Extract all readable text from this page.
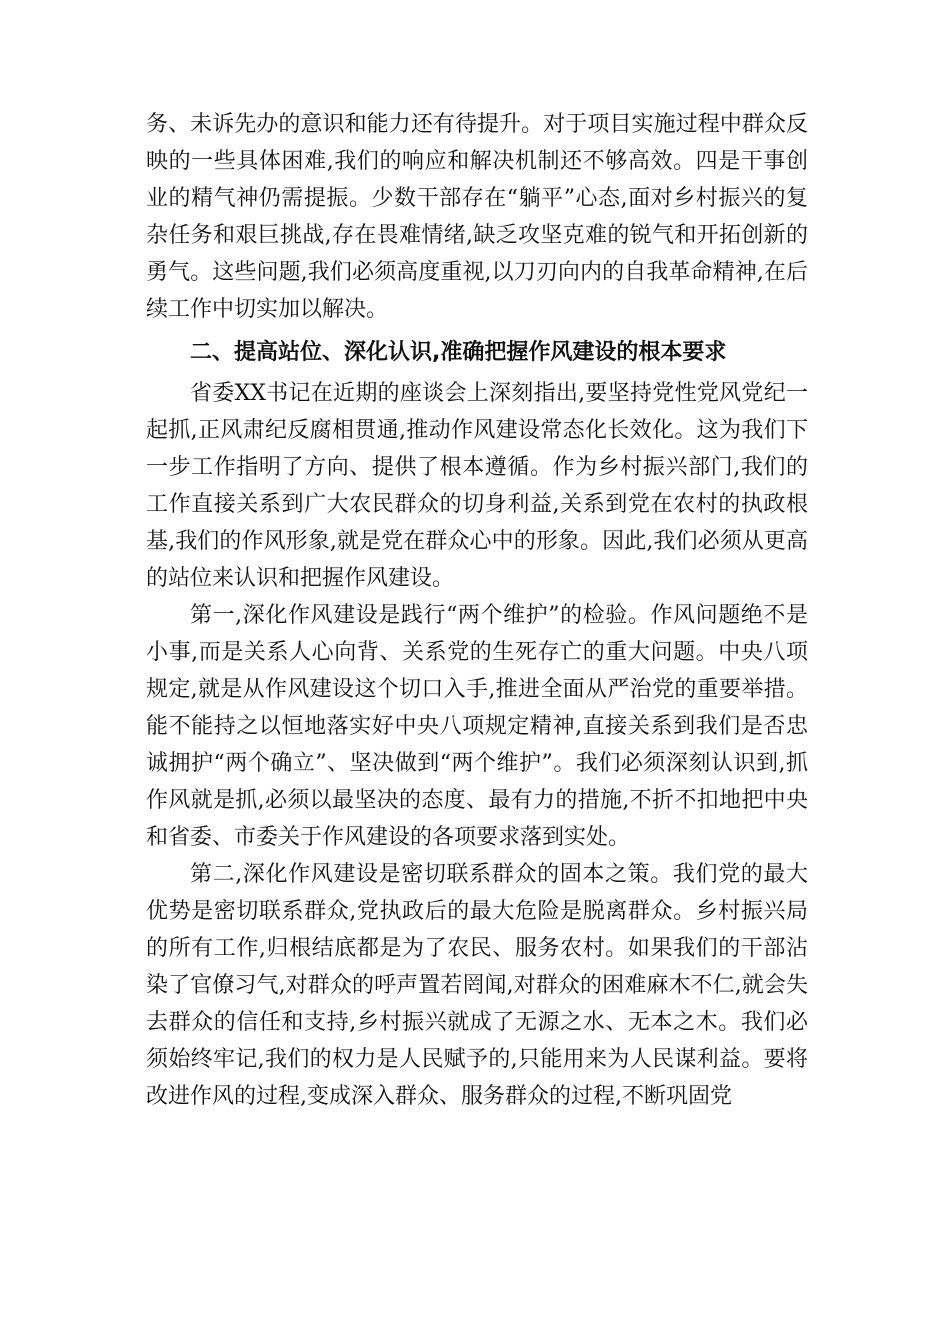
务、未诉先办的意识和能力还有待提升。对于项目实施过程中群众反映的一些具体困难,我们的响应和解决机制还不够高效。四是干事创业的精气神仍需提振。少数干部存在“躺平”心态,面对乡村振兴的复杂任务和艰巨挑战,存在畏难情绪,缺乏攻坚克难的锐气和开拓创新的勇气。这些问题,我们必须高度重视,以刀刃向内的自我革命精神,在后续工作中切实加以解决。

二、提高站位、深化认识,准确把握作风建设的根本要求

省委XX书记在近期的座谈会上深刻指出,要坚持党性党风党纪一起抓,正风肃纪反腐相贯通,推动作风建设常态化长效化。这为我们下一步工作指明了方向、提供了根本遵循。作为乡村振兴部门,我们的工作直接关系到广大农民群众的切身利益,关系到党在农村的执政根基,我们的作风形象,就是党在群众心中的形象。因此,我们必须从更高的站位来认识和把握作风建设。

第一,深化作风建设是践行“两个维护”的检验。作风问题绝不是小事,而是关系人心向背、关系党的生死存亡的重大问题。中央八项规定,就是从作风建设这个切口入手,推进全面从严治党的重要举措。能不能持之以恒地落实好中央八项规定精神,直接关系到我们是否忠诚拥护“两个确立”、坚决做到“两个维护”。我们必须深刻认识到,抓作风就是抓,必须以最坚决的态度、最有力的措施,不折不扣地把中央和省委、市委关于作风建设的各项要求落到实处。

第二,深化作风建设是密切联系群众的固本之策。我们党的最大优势是密切联系群众,党执政后的最大危险是脱离群众。乡村振兴局的所有工作,归根结底都是为了农民、服务农村。如果我们的干部沾染了官僚习气,对群众的呼声置若罔闻,对群众的困难麻木不仁,就会失去群众的信任和支持,乡村振兴就成了无源之水、无本之木。我们必须始终牢记,我们的权力是人民赋予的,只能用来为人民谋利益。要将改进作风的过程,变成深入群众、服务群众的过程,不断巩固党
